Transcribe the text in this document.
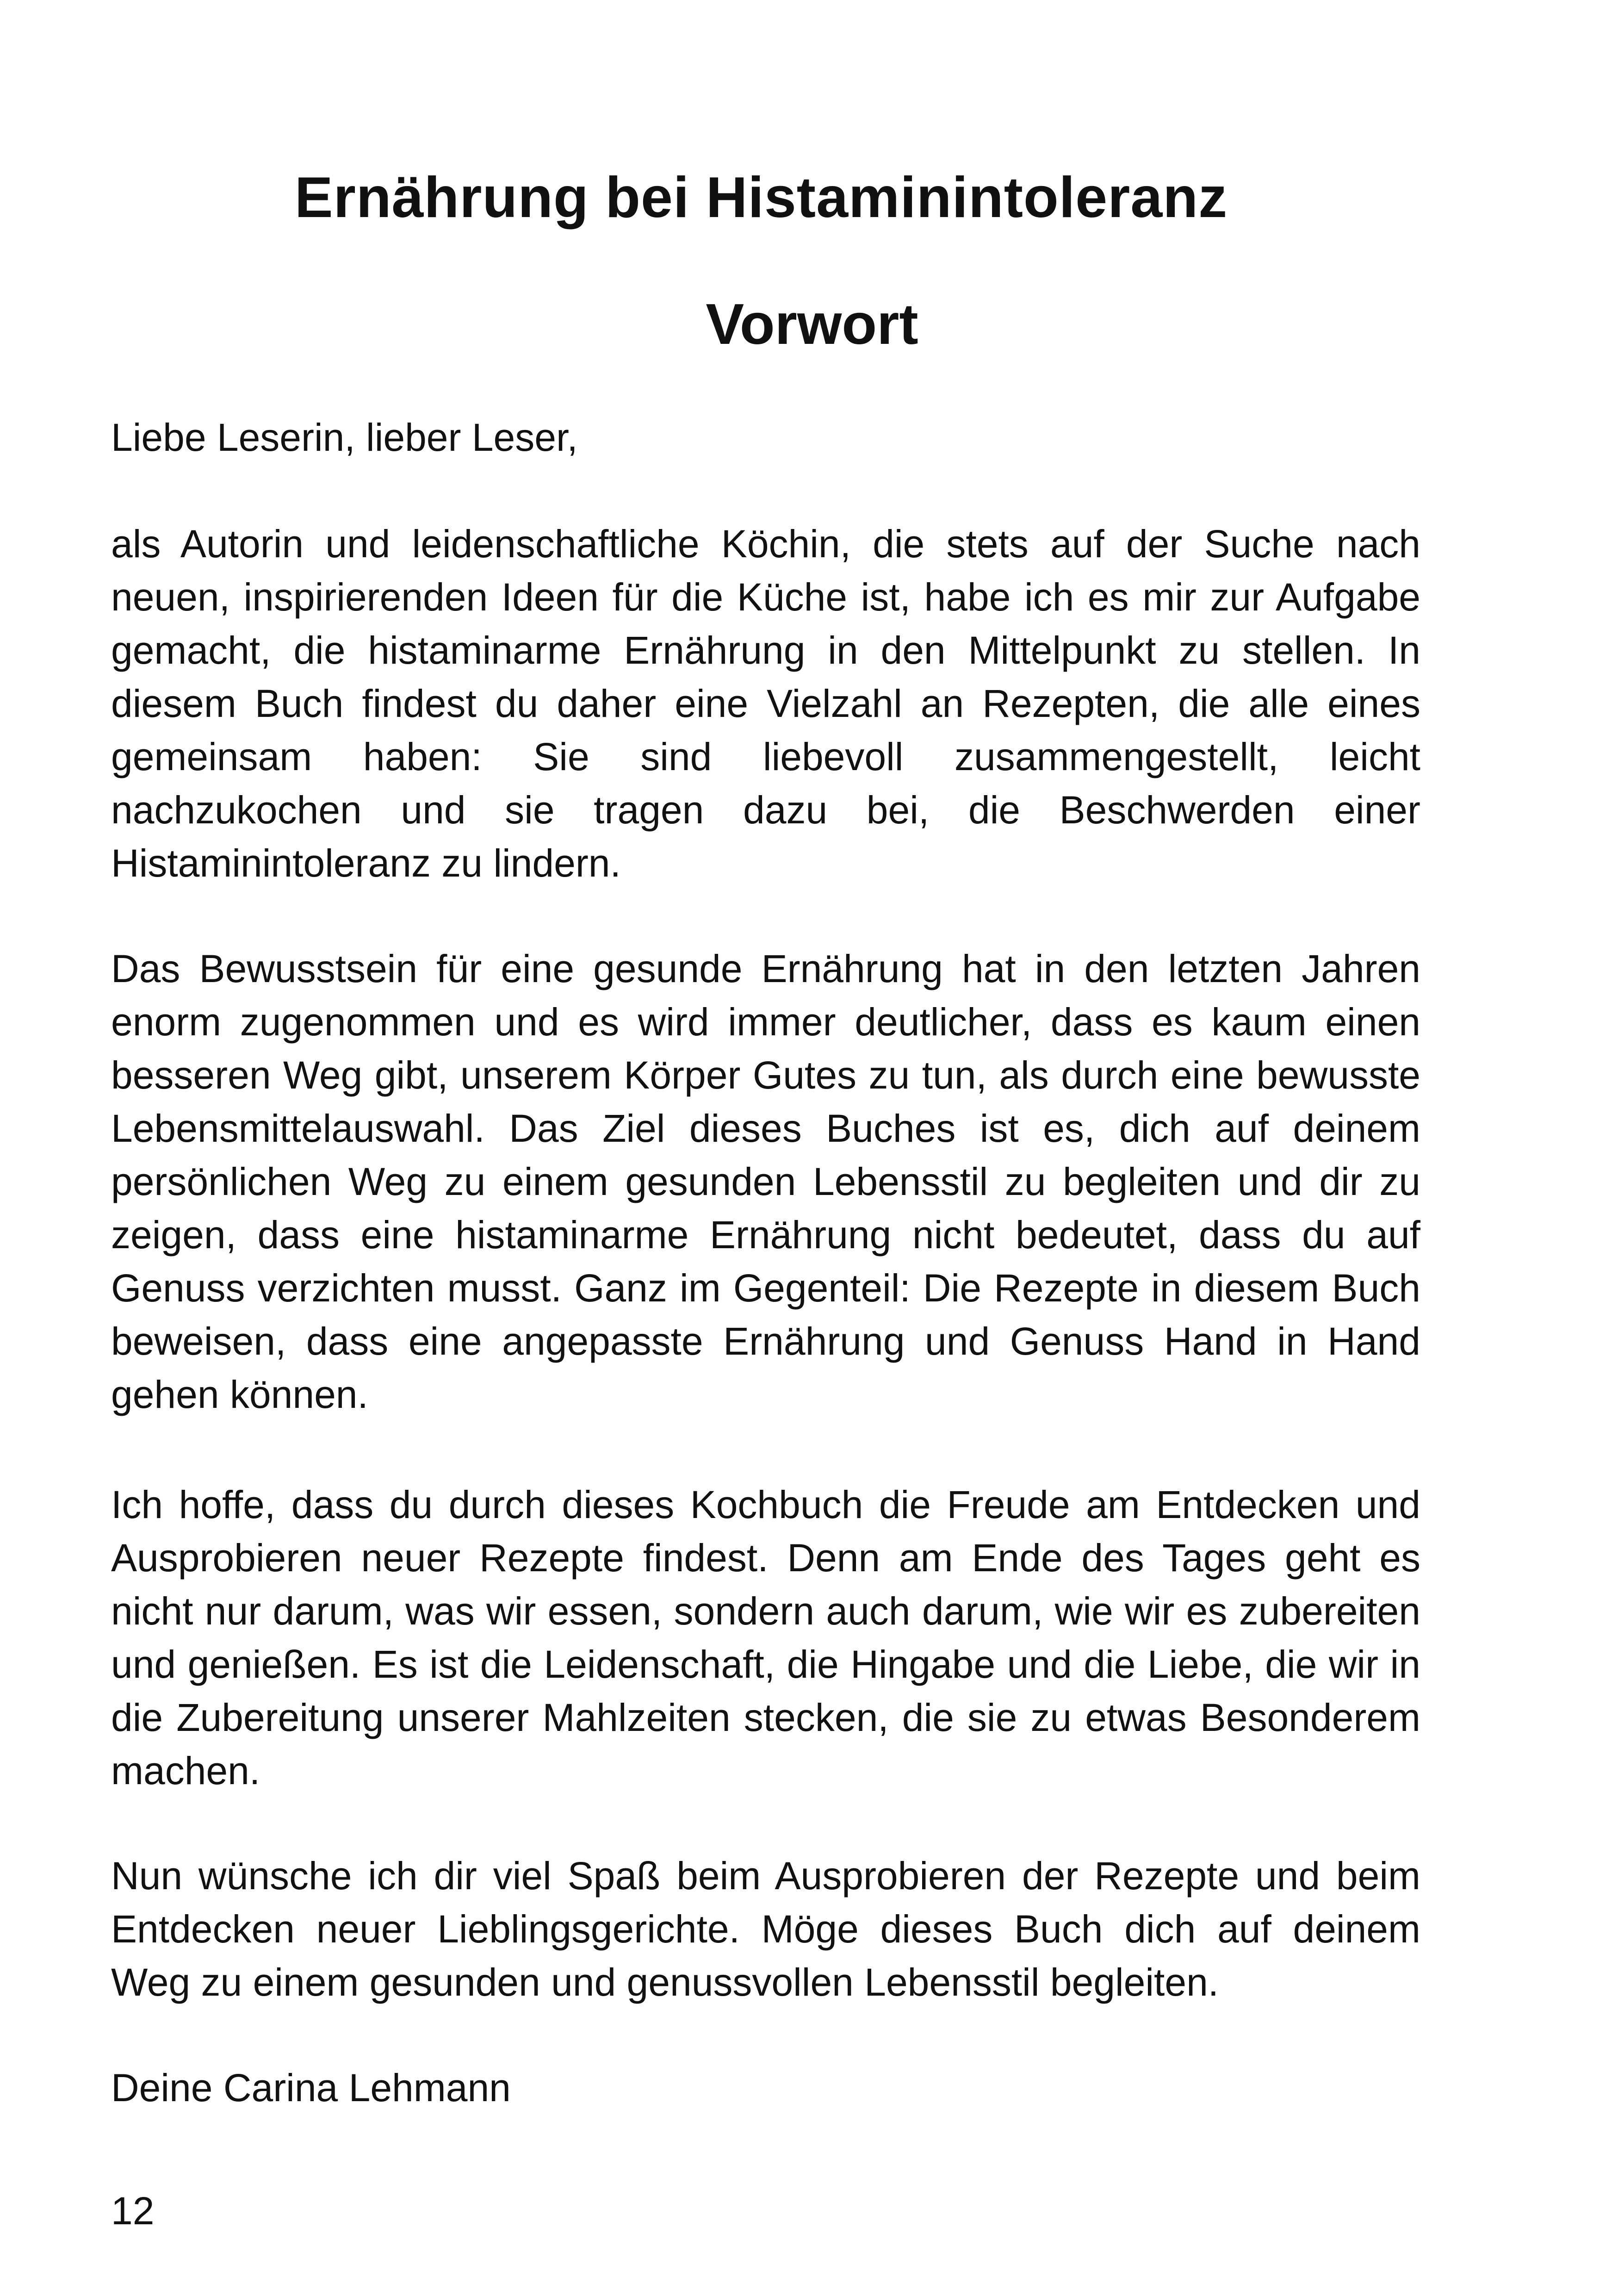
Ernährung bei Histaminintoleranz
Vorwort

Liebe Leserin, lieber Leser,

als Autorin und leidenschaftliche Köchin, die stets auf der Suche nach neuen, inspirierenden Ideen für die Küche ist, habe ich es mir zur Aufgabe gemacht, die histaminarme Ernährung in den Mittelpunkt zu stellen. In diesem Buch findest du daher eine Vielzahl an Rezepten, die alle eines gemeinsam haben: Sie sind liebevoll zusammengestellt, leicht nachzukochen und sie tragen dazu bei, die Beschwerden einer Histaminintoleranz zu lindern.

Das Bewusstsein für eine gesunde Ernährung hat in den letzten Jahren enorm zugenommen und es wird immer deutlicher, dass es kaum einen besseren Weg gibt, unserem Körper Gutes zu tun, als durch eine bewusste Lebensmittelauswahl. Das Ziel dieses Buches ist es, dich auf deinem persönlichen Weg zu einem gesunden Lebensstil zu begleiten und dir zu zeigen, dass eine histaminarme Ernährung nicht bedeutet, dass du auf Genuss verzichten musst. Ganz im Gegenteil: Die Rezepte in diesem Buch beweisen, dass eine angepasste Ernährung und Genuss Hand in Hand gehen können.

Ich hoffe, dass du durch dieses Kochbuch die Freude am Entdecken und Ausprobieren neuer Rezepte findest. Denn am Ende des Tages geht es nicht nur darum, was wir essen, sondern auch darum, wie wir es zubereiten und genießen. Es ist die Leidenschaft, die Hingabe und die Liebe, die wir in die Zubereitung unserer Mahlzeiten stecken, die sie zu etwas Besonderem machen.

Nun wünsche ich dir viel Spaß beim Ausprobieren der Rezepte und beim Entdecken neuer Lieblingsgerichte. Möge dieses Buch dich auf deinem Weg zu einem gesunden und genussvollen Lebensstil begleiten.

Deine Carina Lehmann

12
